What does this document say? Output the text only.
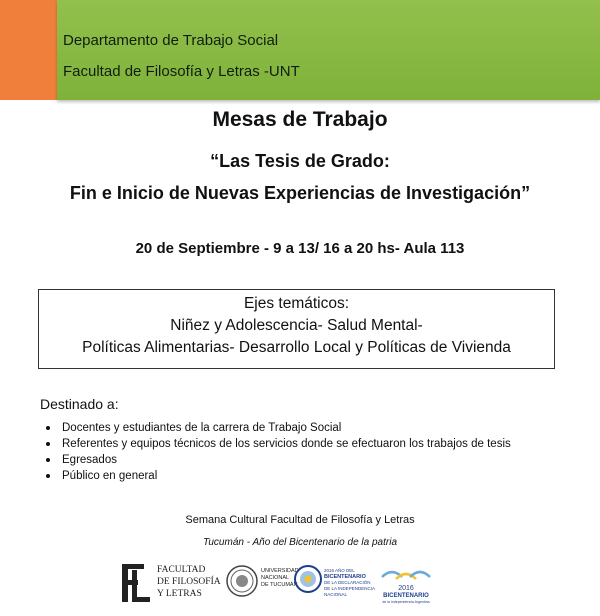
Departamento de Trabajo Social
Facultad de Filosofía y Letras -UNT
Mesas de Trabajo
“Las Tesis de Grado:
Fin e Inicio de Nuevas Experiencias de Investigación”
20 de Septiembre - 9 a 13/ 16 a 20 hs- Aula 113
Ejes temáticos:
Niñez y Adolescencia- Salud Mental-
Políticas Alimentarias- Desarrollo Local y Políticas de Vivienda
Destinado a:
Docentes y estudiantes de la carrera de Trabajo Social
Referentes y equipos técnicos de los servicios donde se efectuaron los trabajos de tesis
Egresados
Público en general
Semana Cultural Facultad de Filosofía y Letras
Tucumán - Año del Bicentenario de la patria
FACULTAD
DE FILOSOFÍA
Y LETRAS
UNIVERSIDAD
NACIONAL
DE TUCUMÁN
2016 AÑO DEL
BICENTENARIO
DE LA DECLARACIÓN
DE LA INDEPENDENCIA
NACIONAL
2016
BICENTENARIO
de la Independencia Argentina
